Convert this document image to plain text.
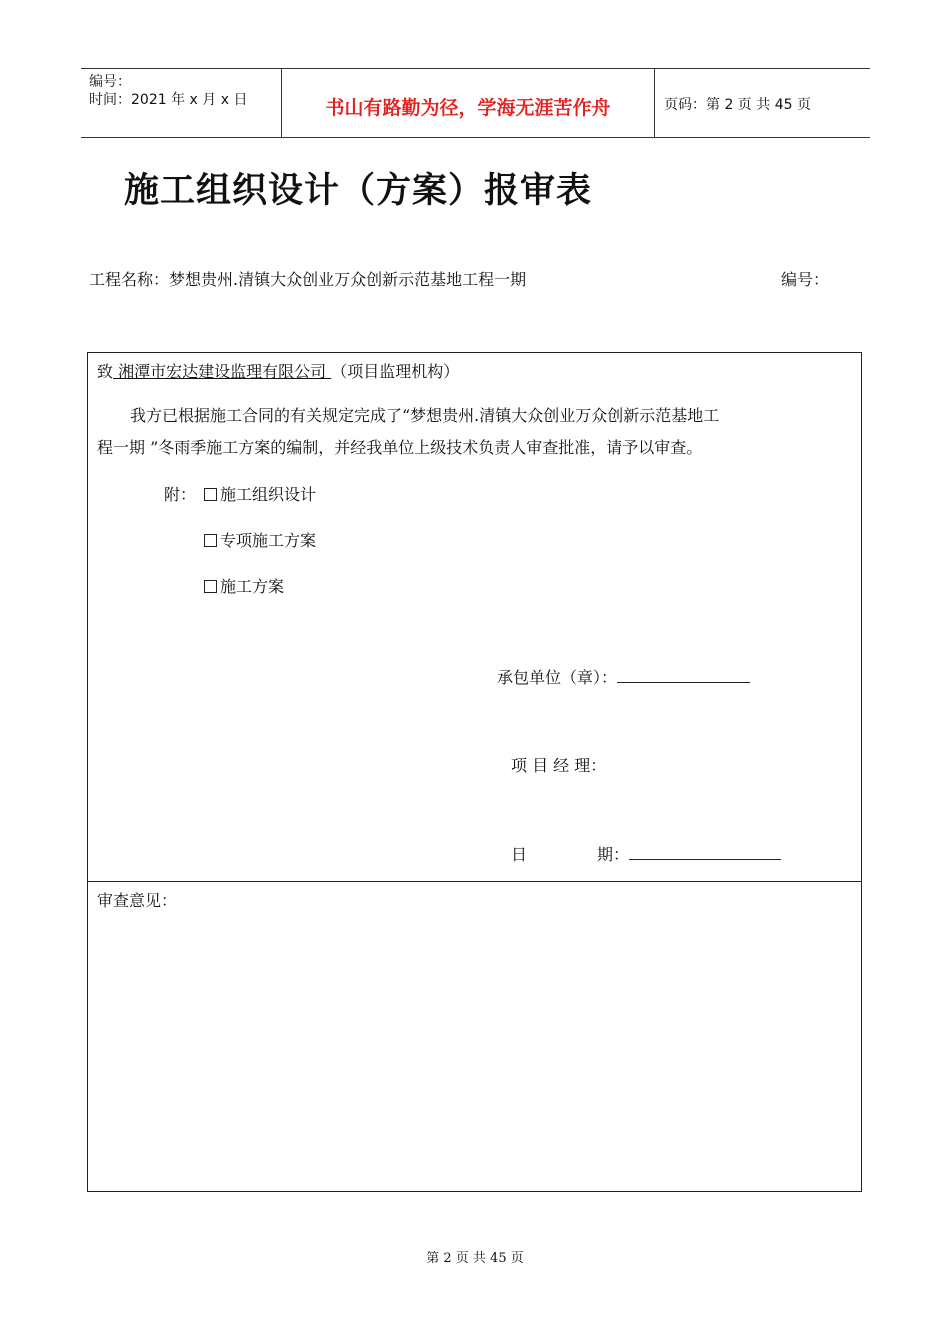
编号：
时间：2021 年 x 月 x 日	书山有路勤为径，学海无涯苦作舟	页码：第 2 页 共 45 页
施工组织设计（方案）报审表
工程名称：梦想贵州.清镇大众创业万众创新示范基地工程一期	编号：
致 湘潭市宏达建设监理有限公司 （项目监理机构）
我方已根据施工合同的有关规定完成了“梦想贵州.清镇大众创业万众创新示范基地工
程一期 ”冬雨季施工方案的编制，并经我单位上级技术负责人审查批准，请予以审查。
附：	施工组织设计
专项施工方案
施工方案
承包单位（章）：
项 目 经 理：
日	期：
审查意见：
第 2 页 共 45 页
